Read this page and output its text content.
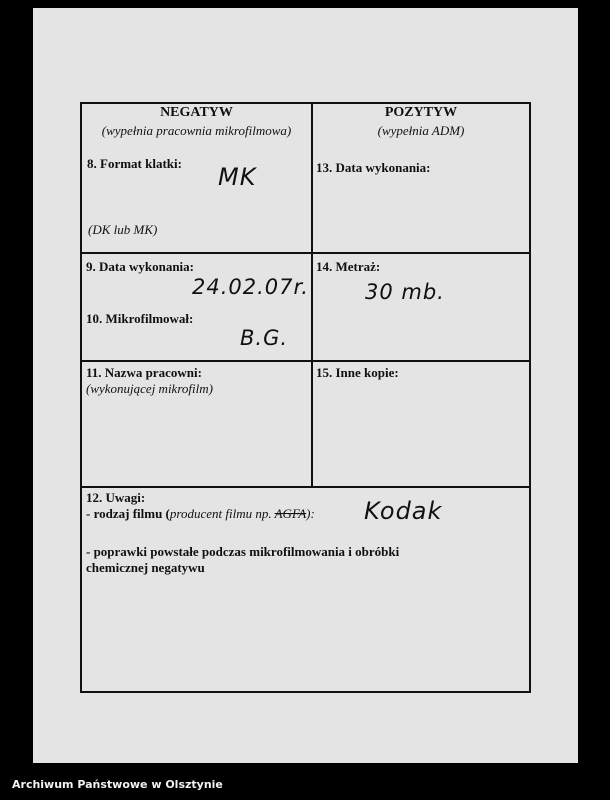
NEGATYW
(wypełnia pracownia mikrofilmowa)
POZYTYW
(wypełnia ADM)
8. Format klatki: MK
(DK lub MK)
13. Data wykonania:
9. Data wykonania:
24.02.07r.
14. Metraż:
30 mb.
10. Mikrofilmował:
B.G.
11. Nazwa pracowni:
(wykonującej mikrofilm)
15. Inne kopie:
12. Uwagi:
- rodzaj filmu (producent filmu np. AGFA): Kodak
- poprawki powstałe podczas mikrofilmowania i obróbki
chemicznej negatywu
Archiwum Państwowe w Olsztynie
